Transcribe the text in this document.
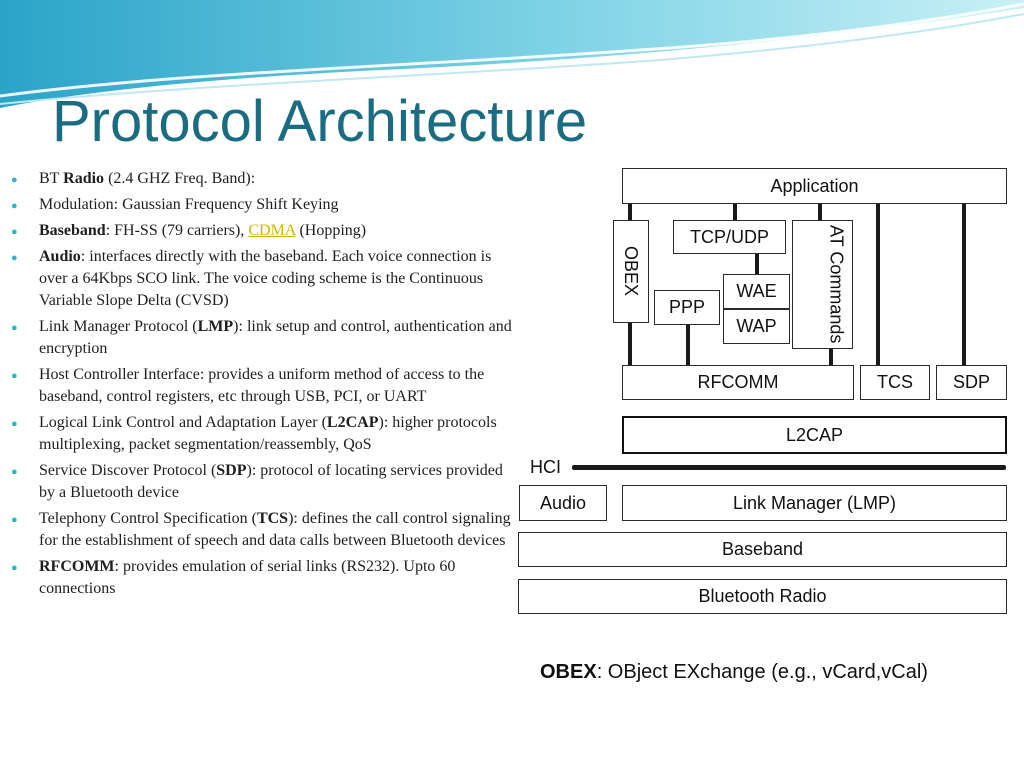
Protocol Architecture
● BT Radio (2.4 GHZ Freq. Band):
● Modulation: Gaussian Frequency Shift Keying
● Baseband: FH-SS (79 carriers), CDMA (Hopping)
● Audio: interfaces directly with the baseband. Each voice connection is over a 64Kbps SCO link. The voice coding scheme is the Continuous Variable Slope Delta (CVSD)
● Link Manager Protocol (LMP): link setup and control, authentication and encryption
● Host Controller Interface: provides a uniform method of access to the baseband, control registers, etc through USB, PCI, or UART
● Logical Link Control and Adaptation Layer (L2CAP): higher protocols multiplexing, packet segmentation/reassembly, QoS
● Service Discover Protocol (SDP): protocol of locating services provided by a Bluetooth device
● Telephony Control Specification (TCS): defines the call control signaling for the establishment of speech and data calls between Bluetooth devices
● RFCOMM: provides emulation of serial links (RS232). Upto 60 connections
Application
OBEX
TCP/UDP	AT Commands
WAE
PPP
WAP
RFCOMM	TCS	SDP
L2CAP
HCI
Audio	Link Manager (LMP)
Baseband
Bluetooth Radio
OBEX: OBject EXchange (e.g., vCard,vCal)
